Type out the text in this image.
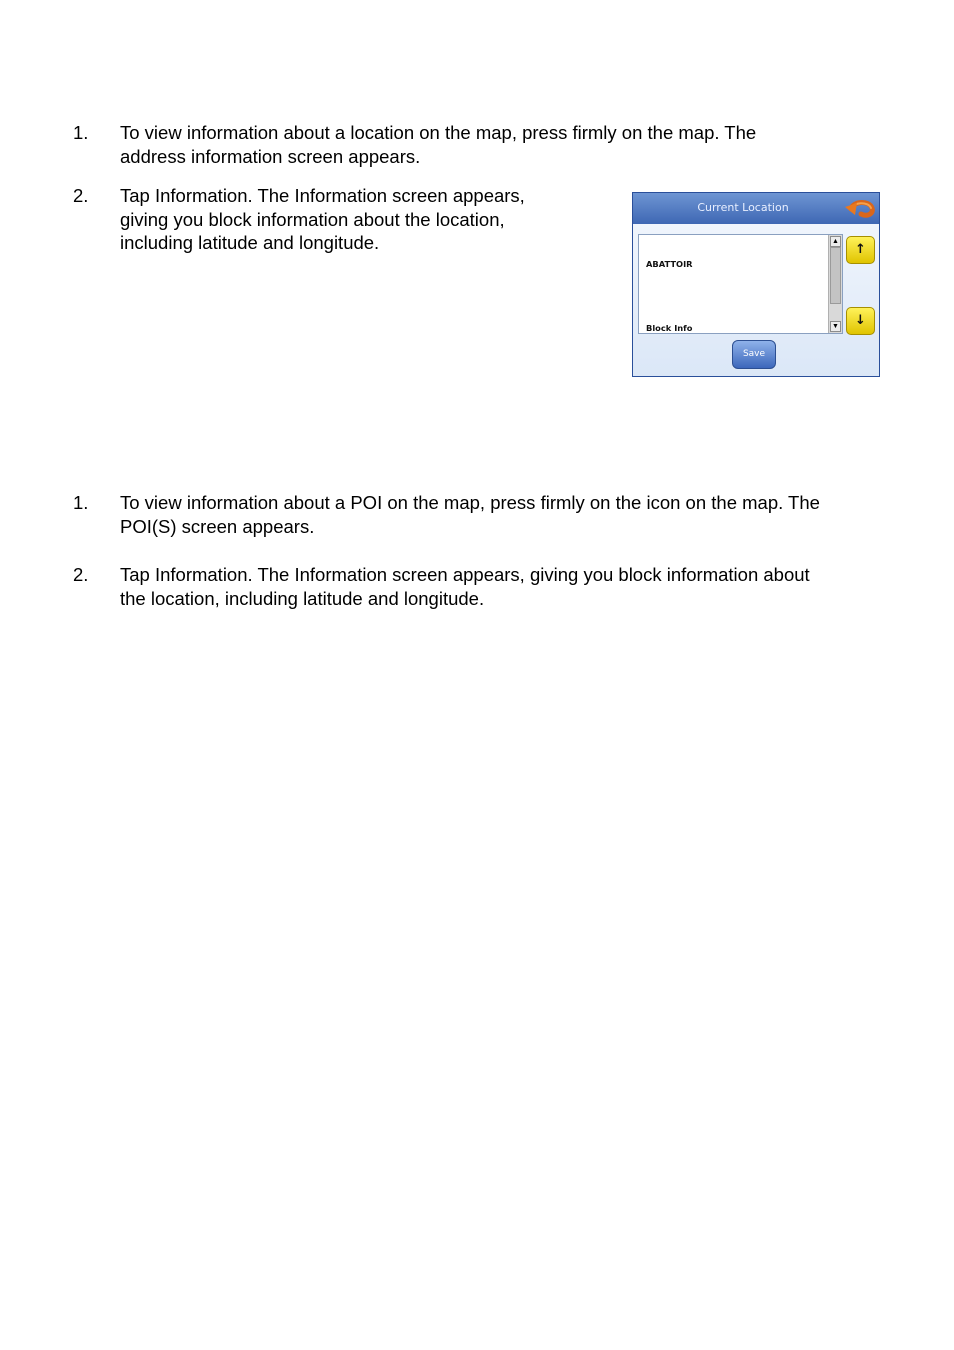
1. To view information about a location on the map, press firmly on the map. The
address information screen appears.
2. Tap Information. The Information screen appears,
giving you block information about the location,
including latitude and longitude.
Current Location

ABATTOIR

Block Info

▲
▼
↑
↓
Save
1. To view information about a POI on the map, press firmly on the icon on the map. The
POI(S) screen appears.
2. Tap Information. The Information screen appears, giving you block information about
the location, including latitude and longitude.
